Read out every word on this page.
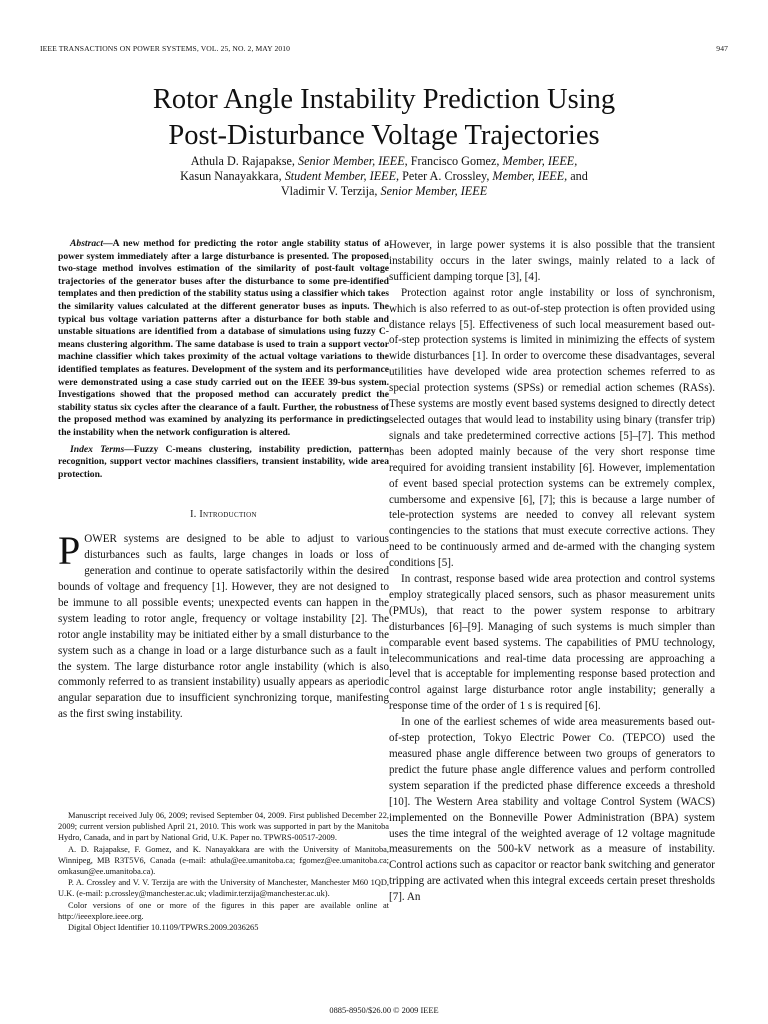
IEEE TRANSACTIONS ON POWER SYSTEMS, VOL. 25, NO. 2, MAY 2010	947
Rotor Angle Instability Prediction Using
Post-Disturbance Voltage Trajectories
Athula D. Rajapakse, Senior Member, IEEE, Francisco Gomez, Member, IEEE,
Kasun Nanayakkara, Student Member, IEEE, Peter A. Crossley, Member, IEEE, and
Vladimir V. Terzija, Senior Member, IEEE

Abstract—A new method for predicting the rotor angle stability status of a power system immediately after a large disturbance is presented. The proposed two-stage method involves estimation of the similarity of post-fault voltage trajectories of the generator buses after the disturbance to some pre-identified templates and then prediction of the stability status using a classifier which takes the similarity values calculated at the different generator buses as inputs. The typical bus voltage variation patterns after a disturbance for both stable and unstable situations are identified from a database of simulations using fuzzy C-means clustering algorithm. The same database is used to train a support vector machine classifier which takes proximity of the actual voltage variations to the identified templates as features. Development of the system and its performance were demonstrated using a case study carried out on the IEEE 39-bus system. Investigations showed that the proposed method can accurately predict the stability status six cycles after the clearance of a fault. Further, the robustness of the proposed method was examined by analyzing its performance in predicting the instability when the network configuration is altered.

Index Terms—Fuzzy C-means clustering, instability prediction, pattern recognition, support vector machines classifiers, transient instability, wide area protection.

I. Introduction

POWER systems are designed to be able to adjust to various disturbances such as faults, large changes in loads or loss of generation and continue to operate satisfactorily within the desired bounds of voltage and frequency [1]. However, they are not designed to be immune to all possible events; unexpected events can happen in the system leading to rotor angle, frequency or voltage instability [2]. The rotor angle instability may be initiated either by a small disturbance to the system such as a change in load or a large disturbance such as a fault in the system. The large disturbance rotor angle instability (which is also commonly referred to as transient instability) usually appears as aperiodic angular separation due to insufficient synchronizing torque, manifesting as the first swing instability.

Manuscript received July 06, 2009; revised September 04, 2009. First published December 22, 2009; current version published April 21, 2010. This work was supported in part by the Manitoba Hydro, Canada, and in part by National Grid, U.K. Paper no. TPWRS-00517-2009.

A. D. Rajapakse, F. Gomez, and K. Nanayakkara are with the University of Manitoba, Winnipeg, MB R3T5V6, Canada (e-mail: athula@ee.umanitoba.ca; fgomez@ee.umanitoba.ca; omkasun@ee.umanitoba.ca).

P. A. Crossley and V. V. Terzija are with the University of Manchester, Manchester M60 1QD, U.K. (e-mail: p.crossley@manchester.ac.uk; vladimir.terzija@manchester.ac.uk).

Color versions of one or more of the figures in this paper are available online at http://ieeexplore.ieee.org.

Digital Object Identifier 10.1109/TPWRS.2009.2036265

However, in large power systems it is also possible that the transient instability occurs in the later swings, mainly related to a lack of sufficient damping torque [3], [4].

Protection against rotor angle instability or loss of synchronism, which is also referred to as out-of-step protection is often provided using distance relays [5]. Effectiveness of such local measurement based out-of-step protection systems is limited in minimizing the effects of system wide disturbances [1]. In order to overcome these disadvantages, several utilities have developed wide area protection schemes referred to as special protection systems (SPSs) or remedial action schemes (RASs). These systems are mostly event based systems designed to directly detect selected outages that would lead to instability using binary (transfer trip) signals and take predetermined corrective actions [5]–[7]. This method has been adopted mainly because of the very short response time required for avoiding transient instability [6]. However, implementation of event based special protection systems can be extremely complex, cumbersome and expensive [6], [7]; this is because a large number of tele-protection systems are needed to convey all relevant system contingencies to the stations that must execute corrective actions. They need to be continuously armed and de-armed with the changing system conditions [5].

In contrast, response based wide area protection and control systems employ strategically placed sensors, such as phasor measurement units (PMUs), that react to the power system response to arbitrary disturbances [6]–[9]. Managing of such systems is much simpler than comparable event based systems. The capabilities of PMU technology, telecommunications and real-time data processing are approaching a level that is acceptable for implementing response based protection and control against large disturbance rotor angle instability; generally a response time of the order of 1 s is required [6].

In one of the earliest schemes of wide area measurements based out-of-step protection, Tokyo Electric Power Co. (TEPCO) used the measured phase angle difference between two groups of generators to predict the future phase angle difference values and perform controlled system separation if the predicted phase difference exceeds a threshold [10]. The Western Area stability and voltage Control System (WACS) implemented on the Bonneville Power Administration (BPA) system uses the time integral of the weighted average of 12 voltage magnitude measurements on the 500-kV network as a measure of instability. Control actions such as capacitor or reactor bank switching and generator tripping are activated when this integral exceeds certain preset thresholds [7]. An

0885-8950/$26.00 © 2009 IEEE
